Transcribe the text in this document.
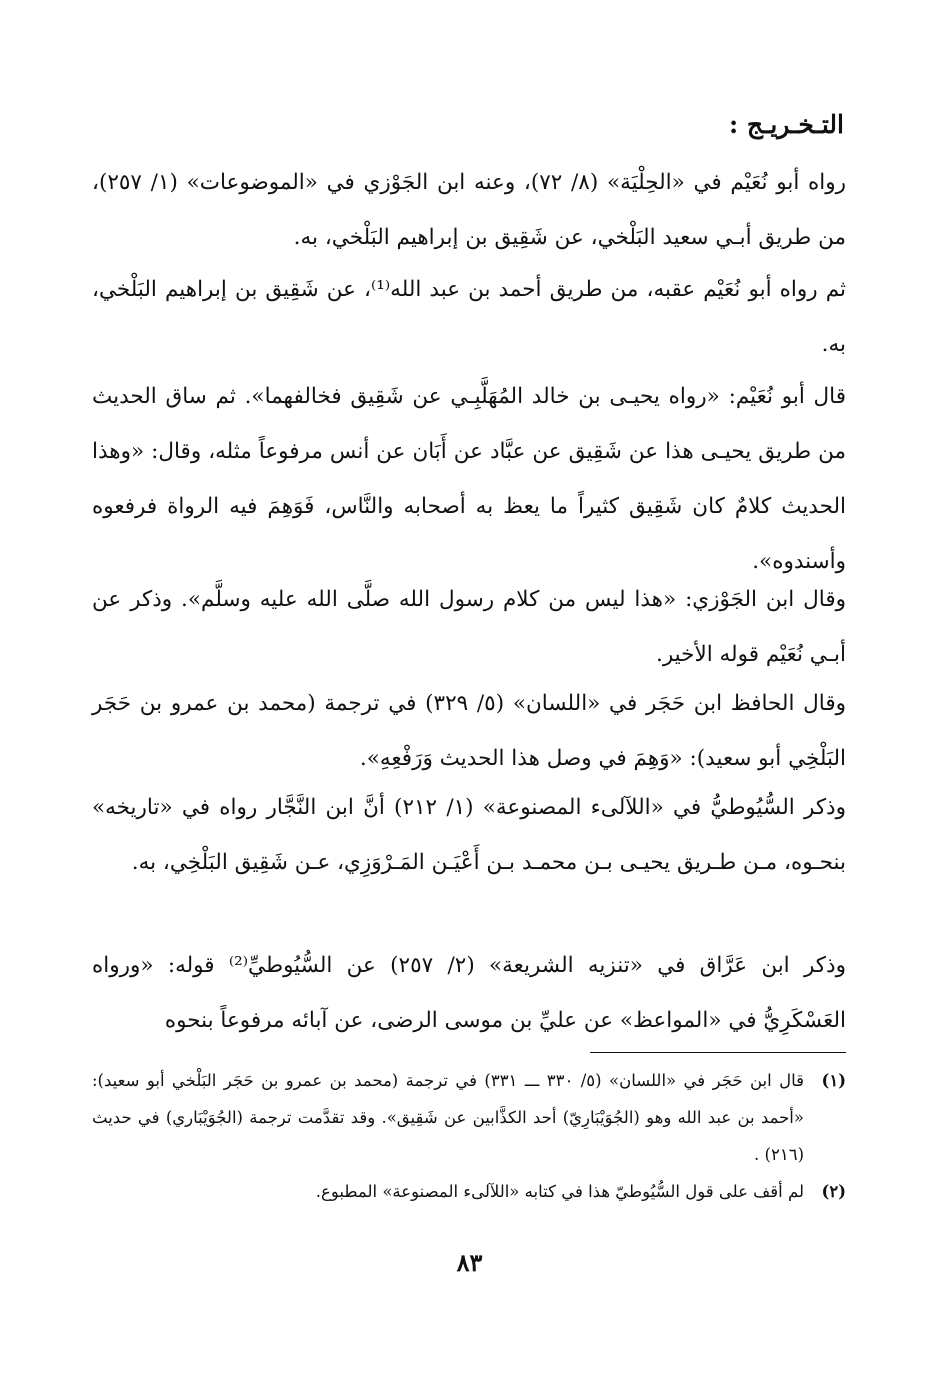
التـخـريـج :
رواه أبو نُعَيْم في «الحِلْيَة» (٨/ ٧٢)، وعنه ابن الجَوْزي في «الموضوعات» (١/ ٢٥٧)، من طريق أبـي سعيد البَلْخي، عن شَقِيق بن إبراهيم البَلْخي، به.
ثم رواه أبو نُعَيْم عقبه، من طريق أحمد بن عبد الله⁽¹⁾، عن شَقِيق بن إبراهيم البَلْخي، به.
قال أبو نُعَيْم: «رواه يحيـى بن خالد المُهَلَّبِـي عن شَقِيق فخالفهما». ثم ساق الحديث من طريق يحيـى هذا عن شَقِيق عن عبَّاد عن أَبَان عن أنس مرفوعاً مثله، وقال: «وهذا الحديث كلامٌ كان شَقِيق كثيراً ما يعظ به أصحابه والنَّاس، فَوَهِمَ فيه الرواة فرفعوه وأسندوه».
وقال ابن الجَوْزي: «هذا ليس من كلام رسول الله صلَّى الله عليه وسلَّم». وذكر عن أبـي نُعَيْم قوله الأخير.
وقال الحافظ ابن حَجَر في «اللسان» (٥/ ٣٢٩) في ترجمة (محمد بن عمرو بن حَجَر البَلْخِي أبو سعيد): «وَهِمَ في وصل هذا الحديث وَرَفْعِهِ».
وذكر السُّيُوطيُّ في «اللآلىء المصنوعة» (١/ ٢١٢) أنَّ ابن النَّجَّار رواه في «تاريخه» بنحـوه، مـن طـريق يحيـى بـن محمـد بـن أَعْيَـن المَـرْوَزِي، عـن شَقِيق البَلْخِي، به.
وذكر ابن عَرَّاق في «تنزيه الشريعة» (٢/ ٢٥٧) عن السُّيُوطيِّ⁽²⁾ قوله: «ورواه العَسْكَرِيُّ في «المواعظ» عن عليِّ بن موسى الرضى، عن آبائه مرفوعاً بنحوه
(١)
قال ابن حَجَر في «اللسان» (٥/ ٣٣٠ ـــ ٣٣١) في ترجمة (محمد بن عمرو بن حَجَر البَلْخي أبو سعيد): «أحمد بن عبد الله وهو (الجُوَيْبَارِيّ) أحد الكذَّابين عن شَقِيق». وقد تقدَّمت ترجمة (الجُوَيْبَاري) في حديث (٢١٦) .
(٢)
لم أقف على قول السُّيُوطيّ هذا في كتابه «اللآلىء المصنوعة» المطبوع.
٨٣
